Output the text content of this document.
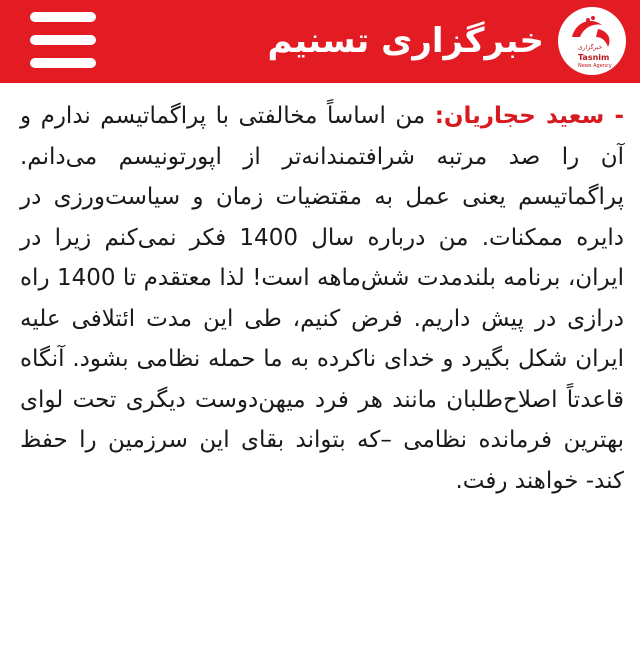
خبرگزاری
Tasnim
News Agency
خبرگزاری تسنیم

- سعید حجاریان: من اساساً مخالفتی با پراگماتیسم ندارم و آن را صد مرتبه شرافتمندانه‌تر از اپورتونیسم می‌دانم. پراگماتیسم یعنی عمل به مقتضیات زمان و سیاست‌ورزی در دایره ممکنات. من درباره سال 1400 فکر نمی‌کنم زیرا در ایران، برنامه بلندمدت شش‌ماهه است! لذا معتقدم تا 1400 راه درازی در پیش داریم. فرض کنیم، طی این مدت ائتلافی علیه ایران شکل بگیرد و خدای ناکرده به ما حمله نظامی بشود. آنگاه قاعدتاً اصلاح‌طلبان مانند هر فرد میهن‌دوست دیگری تحت لوای بهترین فرمانده نظامی –که بتواند بقای این سرزمین را حفظ کند- خواهند رفت.
